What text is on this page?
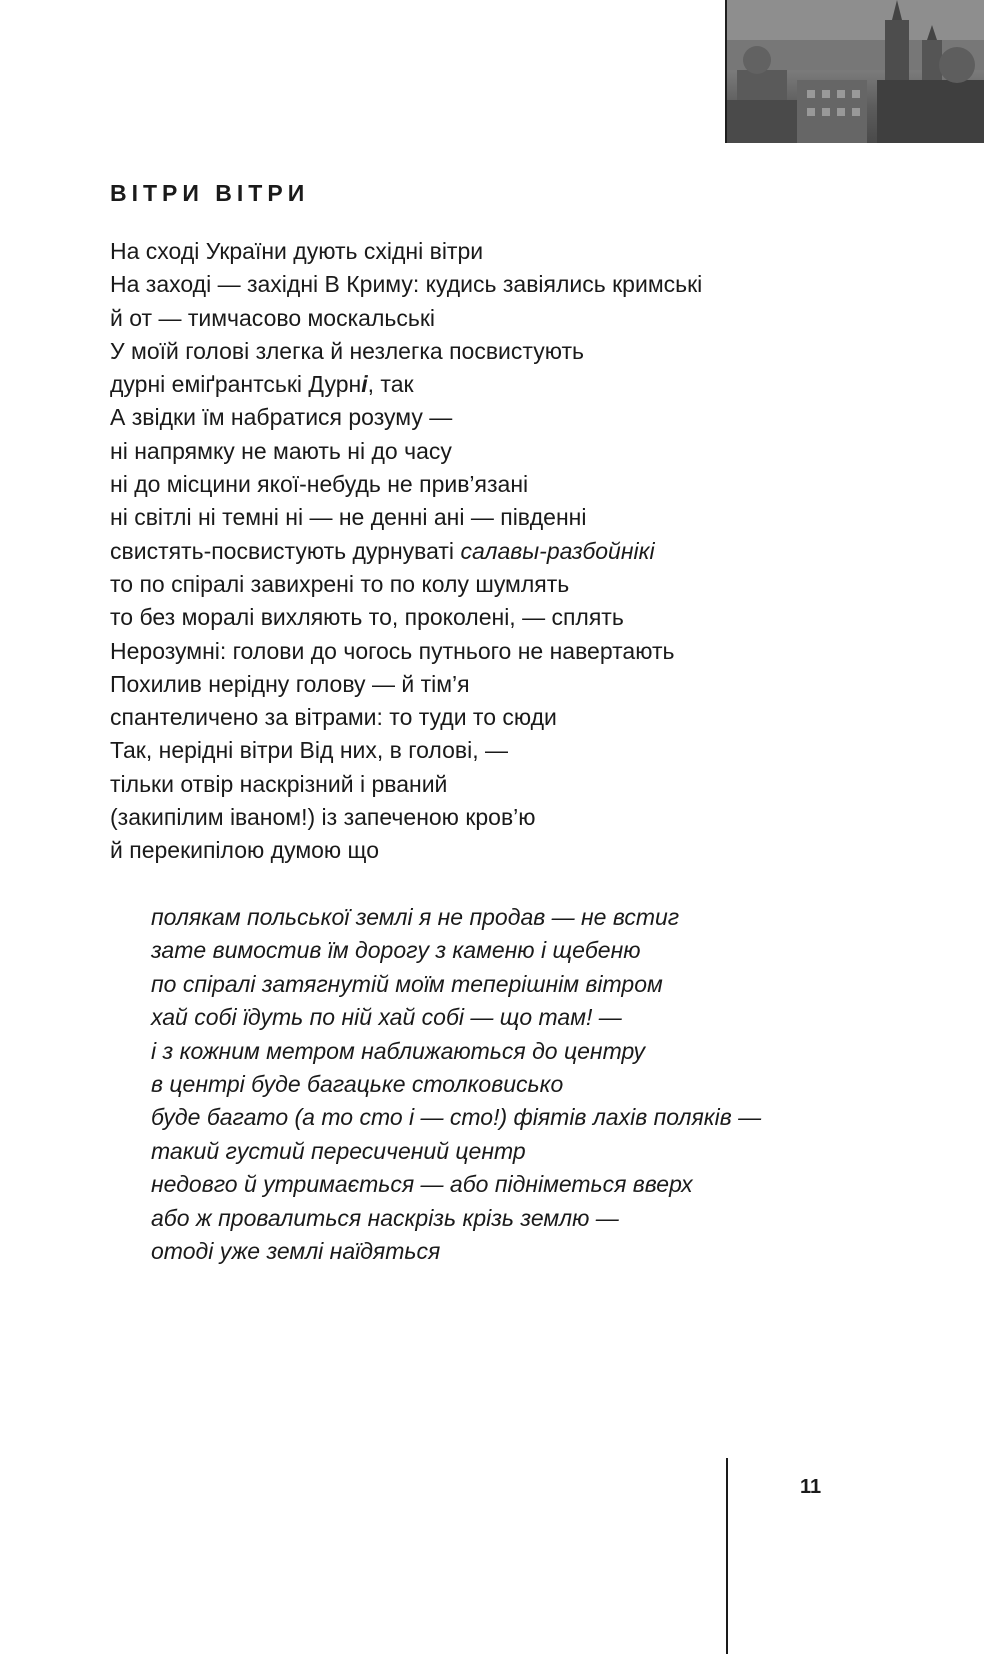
ВІТРИ ВІТРИ
На сході України дують східні вітри
На заході — західні В Криму: кудись завіялись кримські
й от — тимчасово москальські
У моїй голові злегка й незлегка посвистують
дурні еміґрантські Дурні, так
А звідки їм набратися розуму —
ні напрямку не мають ні до часу
ні до місцини якої-небудь не прив’язані
ні світлі ні темні ні — не денні ані — південні
свистять-посвистують дурнуваті салавы-разбойнікі
то по спіралі завихрені то по колу шумлять
то без моралі вихляють то, проколені, — сплять
Нерозумні: голови до чогось путнього не навертають
Похилив нерідну голову — й тім’я
спантеличено за вітрами: то туди то сюди
Так, нерідні вітри Від них, в голові, —
тільки отвір наскрізний і рваний
(закипілим іваном!) із запеченою кров’ю
й перекипілою думою що
полякам польської землі я не продав — не встиг
зате вимостив їм дорогу з каменю і щебеню
по спіралі затягнутій моїм теперішнім вітром
хай собі їдуть по ній хай собі — що там! —
і з кожним метром наближаються до центру
в центрі буде багацьке столковисько
буде багато (а то сто і — сто!) фіятів лахів поляків —
такий густий пересичений центр
недовго й утримається — або підніметься вверх
або ж провалиться наскрізь крізь землю —
отоді уже землі наїдяться
11
